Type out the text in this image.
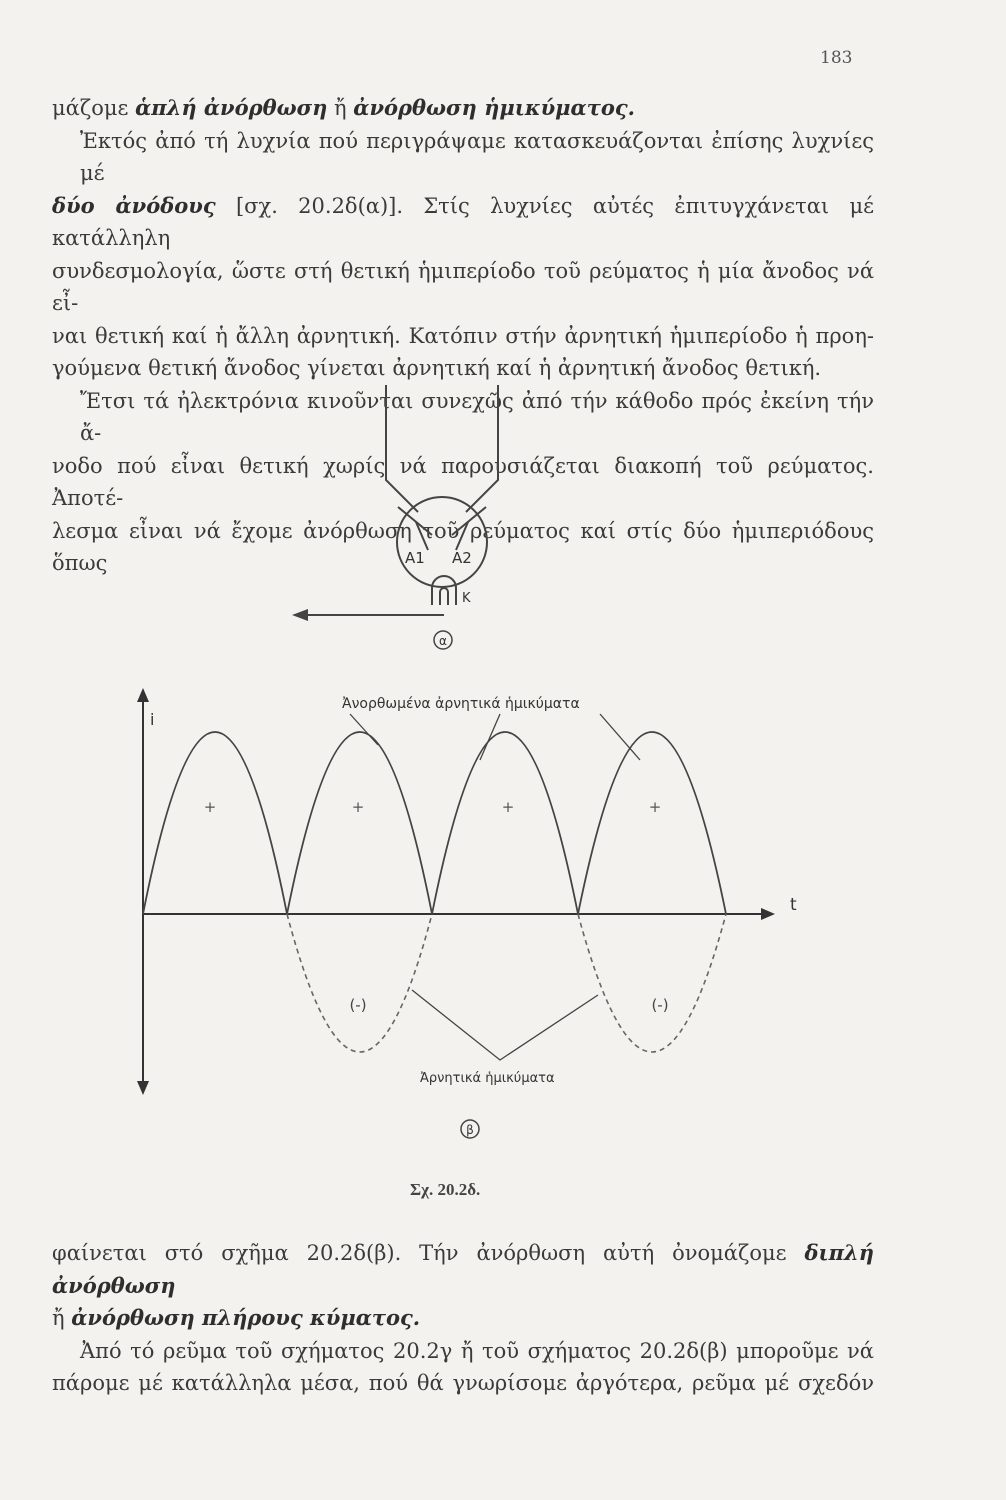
183
μάζομε ἁπλή ἀνόρθωση ἤ ἀνόρθωση ἡμικύματος.
Ἐκτός ἀπό τή λυχνία πού περιγράψαμε κατασκευάζονται ἐπίσης λυχνίες μέ
δύο ἀνόδους [σχ. 20.2δ(α)]. Στίς λυχνίες αὐτές ἐπιτυγχάνεται μέ κατάλληλη
συνδεσμολογία, ὥστε στή θετική ἡμιπερίοδο τοῦ ρεύματος ἡ μία ἄνοδος νά εἶ-
ναι θετική καί ἡ ἄλλη ἀρνητική. Κατόπιν στήν ἀρνητική ἡμιπερίοδο ἡ προη-
γούμενα θετική ἄνοδος γίνεται ἀρνητική καί ἡ ἀρνητική ἄνοδος θετική.
Ἔτσι τά ἠλεκτρόνια κινοῦνται συνεχῶς ἀπό τήν κάθοδο πρός ἐκείνη τήν ἄ-
νοδο πού εἶναι θετική χωρίς νά παρουσιάζεται διακοπή τοῦ ρεύματος. Ἀποτέ-
λεσμα εἶναι νά ἔχομε ἀνόρθωση τοῦ ρεύματος καί στίς δύο ἡμιπεριόδους ὅπως	A1 A2
K
α
i
t
+	+	+	+
(-)	(-)
Ἀνορθωμένα ἀρνητικά ἡμικύματα
Ἀρνητικά ἡμικύματα
β
Σχ. 20.2δ.
φαίνεται στό σχῆμα 20.2δ(β). Τήν ἀνόρθωση αὐτή ὀνομάζομε διπλή ἀνόρθωση
ἤ ἀνόρθωση πλήρους κύματος.
Ἀπό τό ρεῦμα τοῦ σχήματος 20.2γ ἤ τοῦ σχήματος 20.2δ(β) μποροῦμε νά
πάρομε μέ κατάλληλα μέσα, πού θά γνωρίσομε ἀργότερα, ρεῦμα μέ σχεδόν
